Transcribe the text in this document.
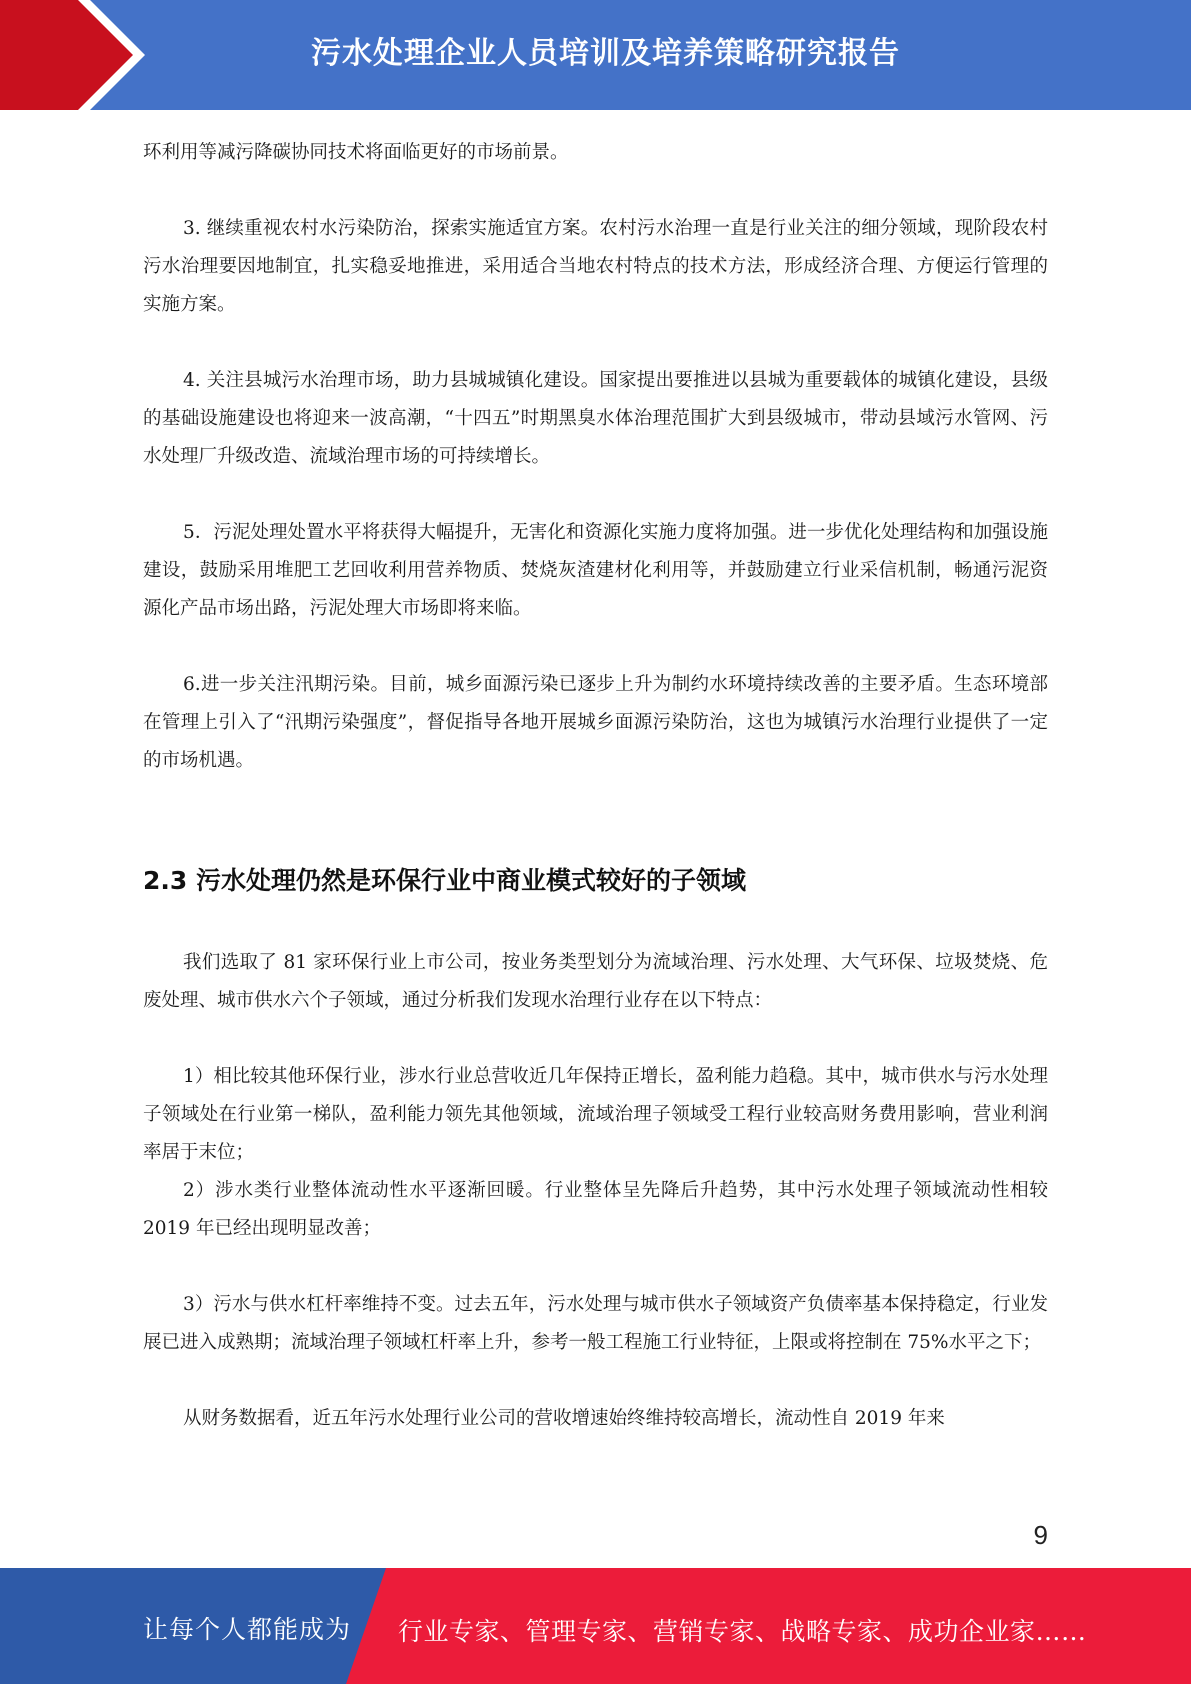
污水处理企业人员培训及培养策略研究报告

环利用等减污降碳协同技术将面临更好的市场前景。

3. 继续重视农村水污染防治，探索实施适宜方案。农村污水治理一直是行业关注的细分领域，现阶段农村污水治理要因地制宜，扎实稳妥地推进，采用适合当地农村特点的技术方法，形成经济合理、方便运行管理的实施方案。

4. 关注县城污水治理市场，助力县城城镇化建设。国家提出要推进以县城为重要载体的城镇化建设，县级的基础设施建设也将迎来一波高潮，“十四五”时期黑臭水体治理范围扩大到县级城市，带动县域污水管网、污水处理厂升级改造、流域治理市场的可持续增长。

5．污泥处理处置水平将获得大幅提升，无害化和资源化实施力度将加强。进一步优化处理结构和加强设施建设，鼓励采用堆肥工艺回收利用营养物质、焚烧灰渣建材化利用等，并鼓励建立行业采信机制，畅通污泥资源化产品市场出路，污泥处理大市场即将来临。

6.进一步关注汛期污染。目前，城乡面源污染已逐步上升为制约水环境持续改善的主要矛盾。生态环境部在管理上引入了“汛期污染强度”，督促指导各地开展城乡面源污染防治，这也为城镇污水治理行业提供了一定的市场机遇。

2.3 污水处理仍然是环保行业中商业模式较好的子领域

我们选取了 81 家环保行业上市公司，按业务类型划分为流域治理、污水处理、大气环保、垃圾焚烧、危废处理、城市供水六个子领域，通过分析我们发现水治理行业存在以下特点：

1）相比较其他环保行业，涉水行业总营收近几年保持正增长，盈利能力趋稳。其中，城市供水与污水处理子领域处在行业第一梯队，盈利能力领先其他领域，流域治理子领域受工程行业较高财务费用影响，营业利润率居于末位；

2）涉水类行业整体流动性水平逐渐回暖。行业整体呈先降后升趋势，其中污水处理子领域流动性相较 2019 年已经出现明显改善；

3）污水与供水杠杆率维持不变。过去五年，污水处理与城市供水子领域资产负债率基本保持稳定，行业发展已进入成熟期；流域治理子领域杠杆率上升，参考一般工程施工行业特征，上限或将控制在 75%水平之下；

从财务数据看，近五年污水处理行业公司的营收增速始终维持较高增长，流动性自 2019 年来

9
让每个人都能成为 行业专家、管理专家、营销专家、战略专家、成功企业家……
